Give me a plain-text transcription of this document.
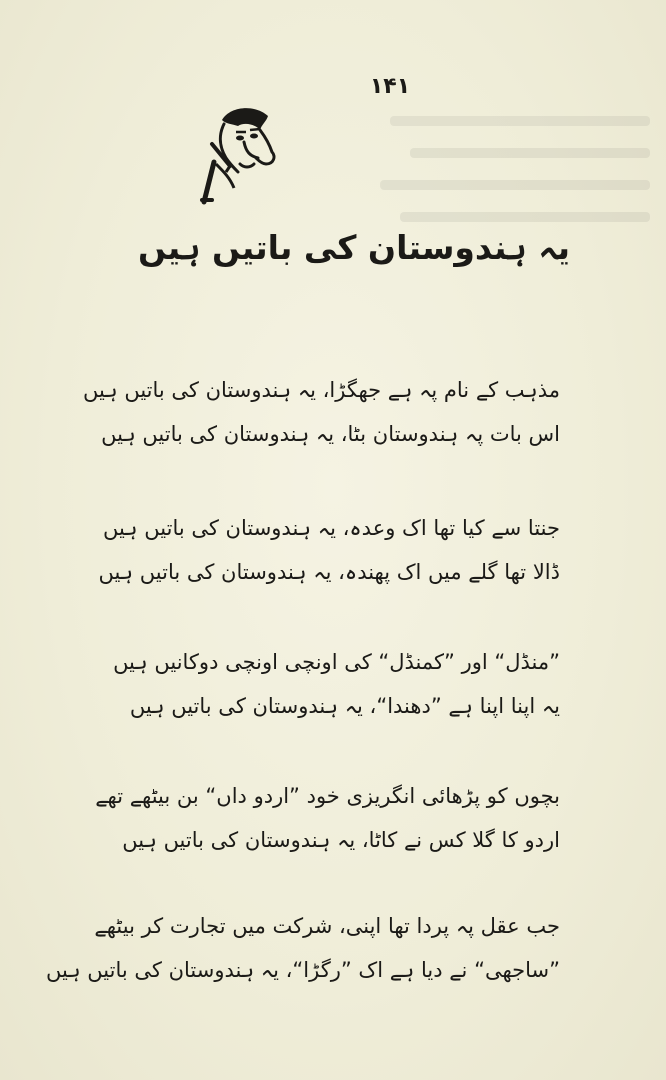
۱۴۱
یہ ہندوستان کی باتیں ہیں
مذہب کے نام پہ ہے جھگڑا، یہ ہندوستان کی باتیں ہیں
اس بات پہ ہندوستان بٹا، یہ ہندوستان کی باتیں ہیں
جنتا سے کیا تھا اک وعدہ، یہ ہندوستان کی باتیں ہیں
ڈالا تھا گلے میں اک پھندہ، یہ ہندوستان کی باتیں ہیں
”منڈل“ اور ”کمنڈل“ کی اونچی اونچی دوکانیں ہیں
یہ اپنا اپنا ہے ”دھندا“، یہ ہندوستان کی باتیں ہیں
بچوں کو پڑھائی انگریزی خود ”اردو داں“ بن بیٹھے تھے
اردو کا گلا کس نے کاٹا، یہ ہندوستان کی باتیں ہیں
جب عقل پہ پردا تھا اپنی، شرکت میں تجارت کر بیٹھے
”ساجھی“ نے دیا ہے اک ”رگڑا“، یہ ہندوستان کی باتیں ہیں
